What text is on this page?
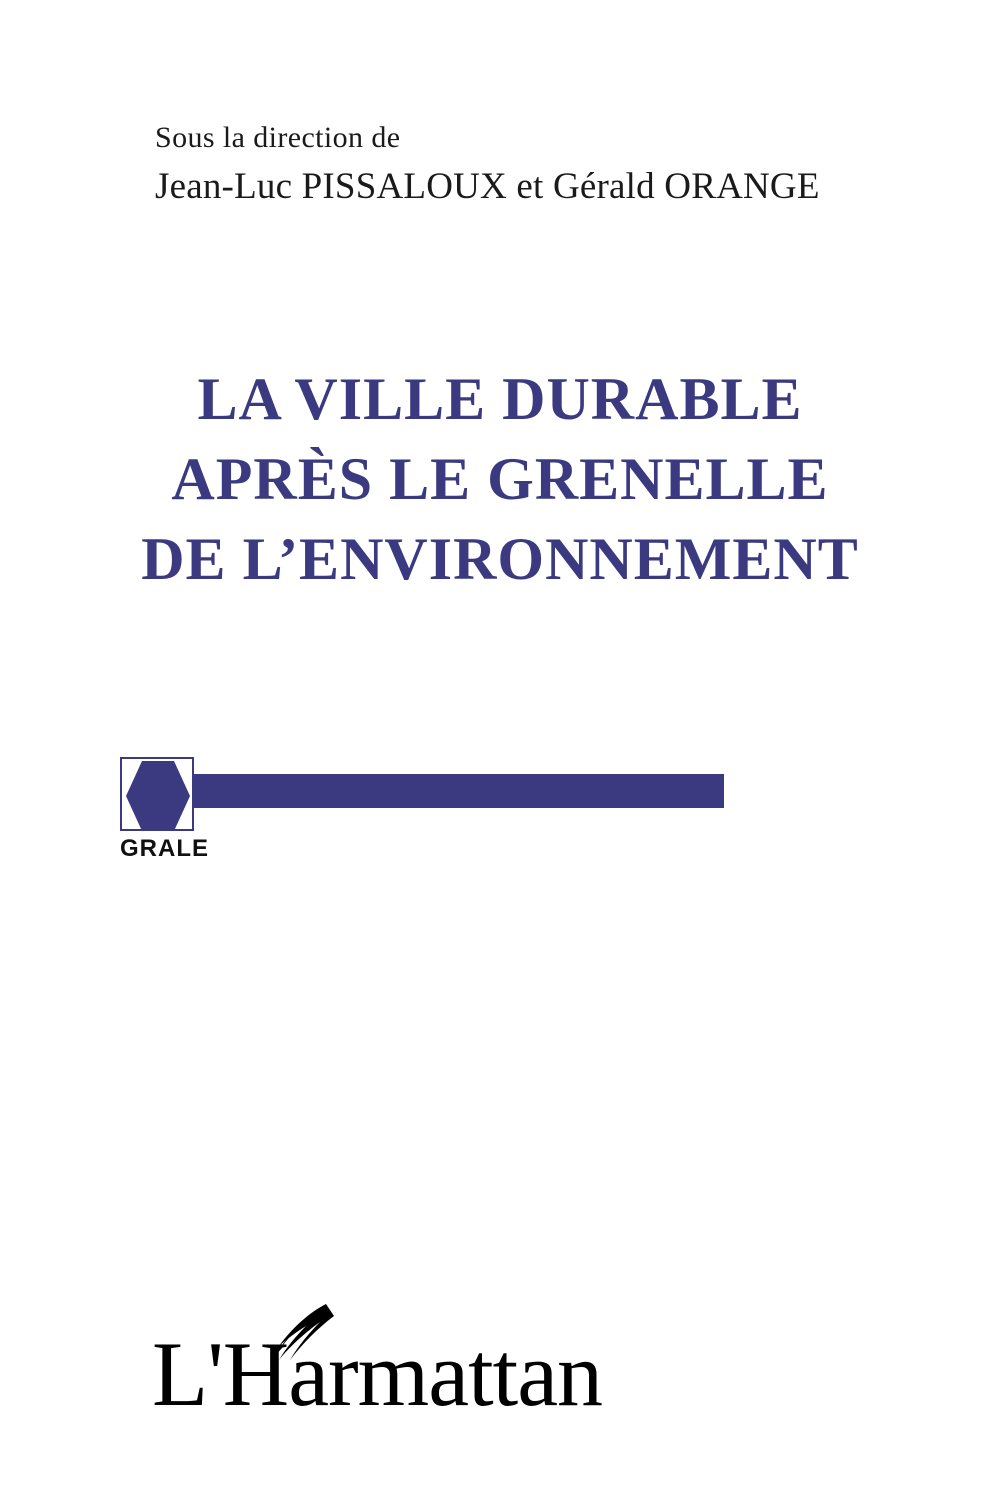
Sous la direction de

Jean-Luc PISSALOUX et Gérald ORANGE

LA VILLE DURABLE
APRÈS LE GRENELLE
DE L’ENVIRONNEMENT
GRALE
L'Harmattan
